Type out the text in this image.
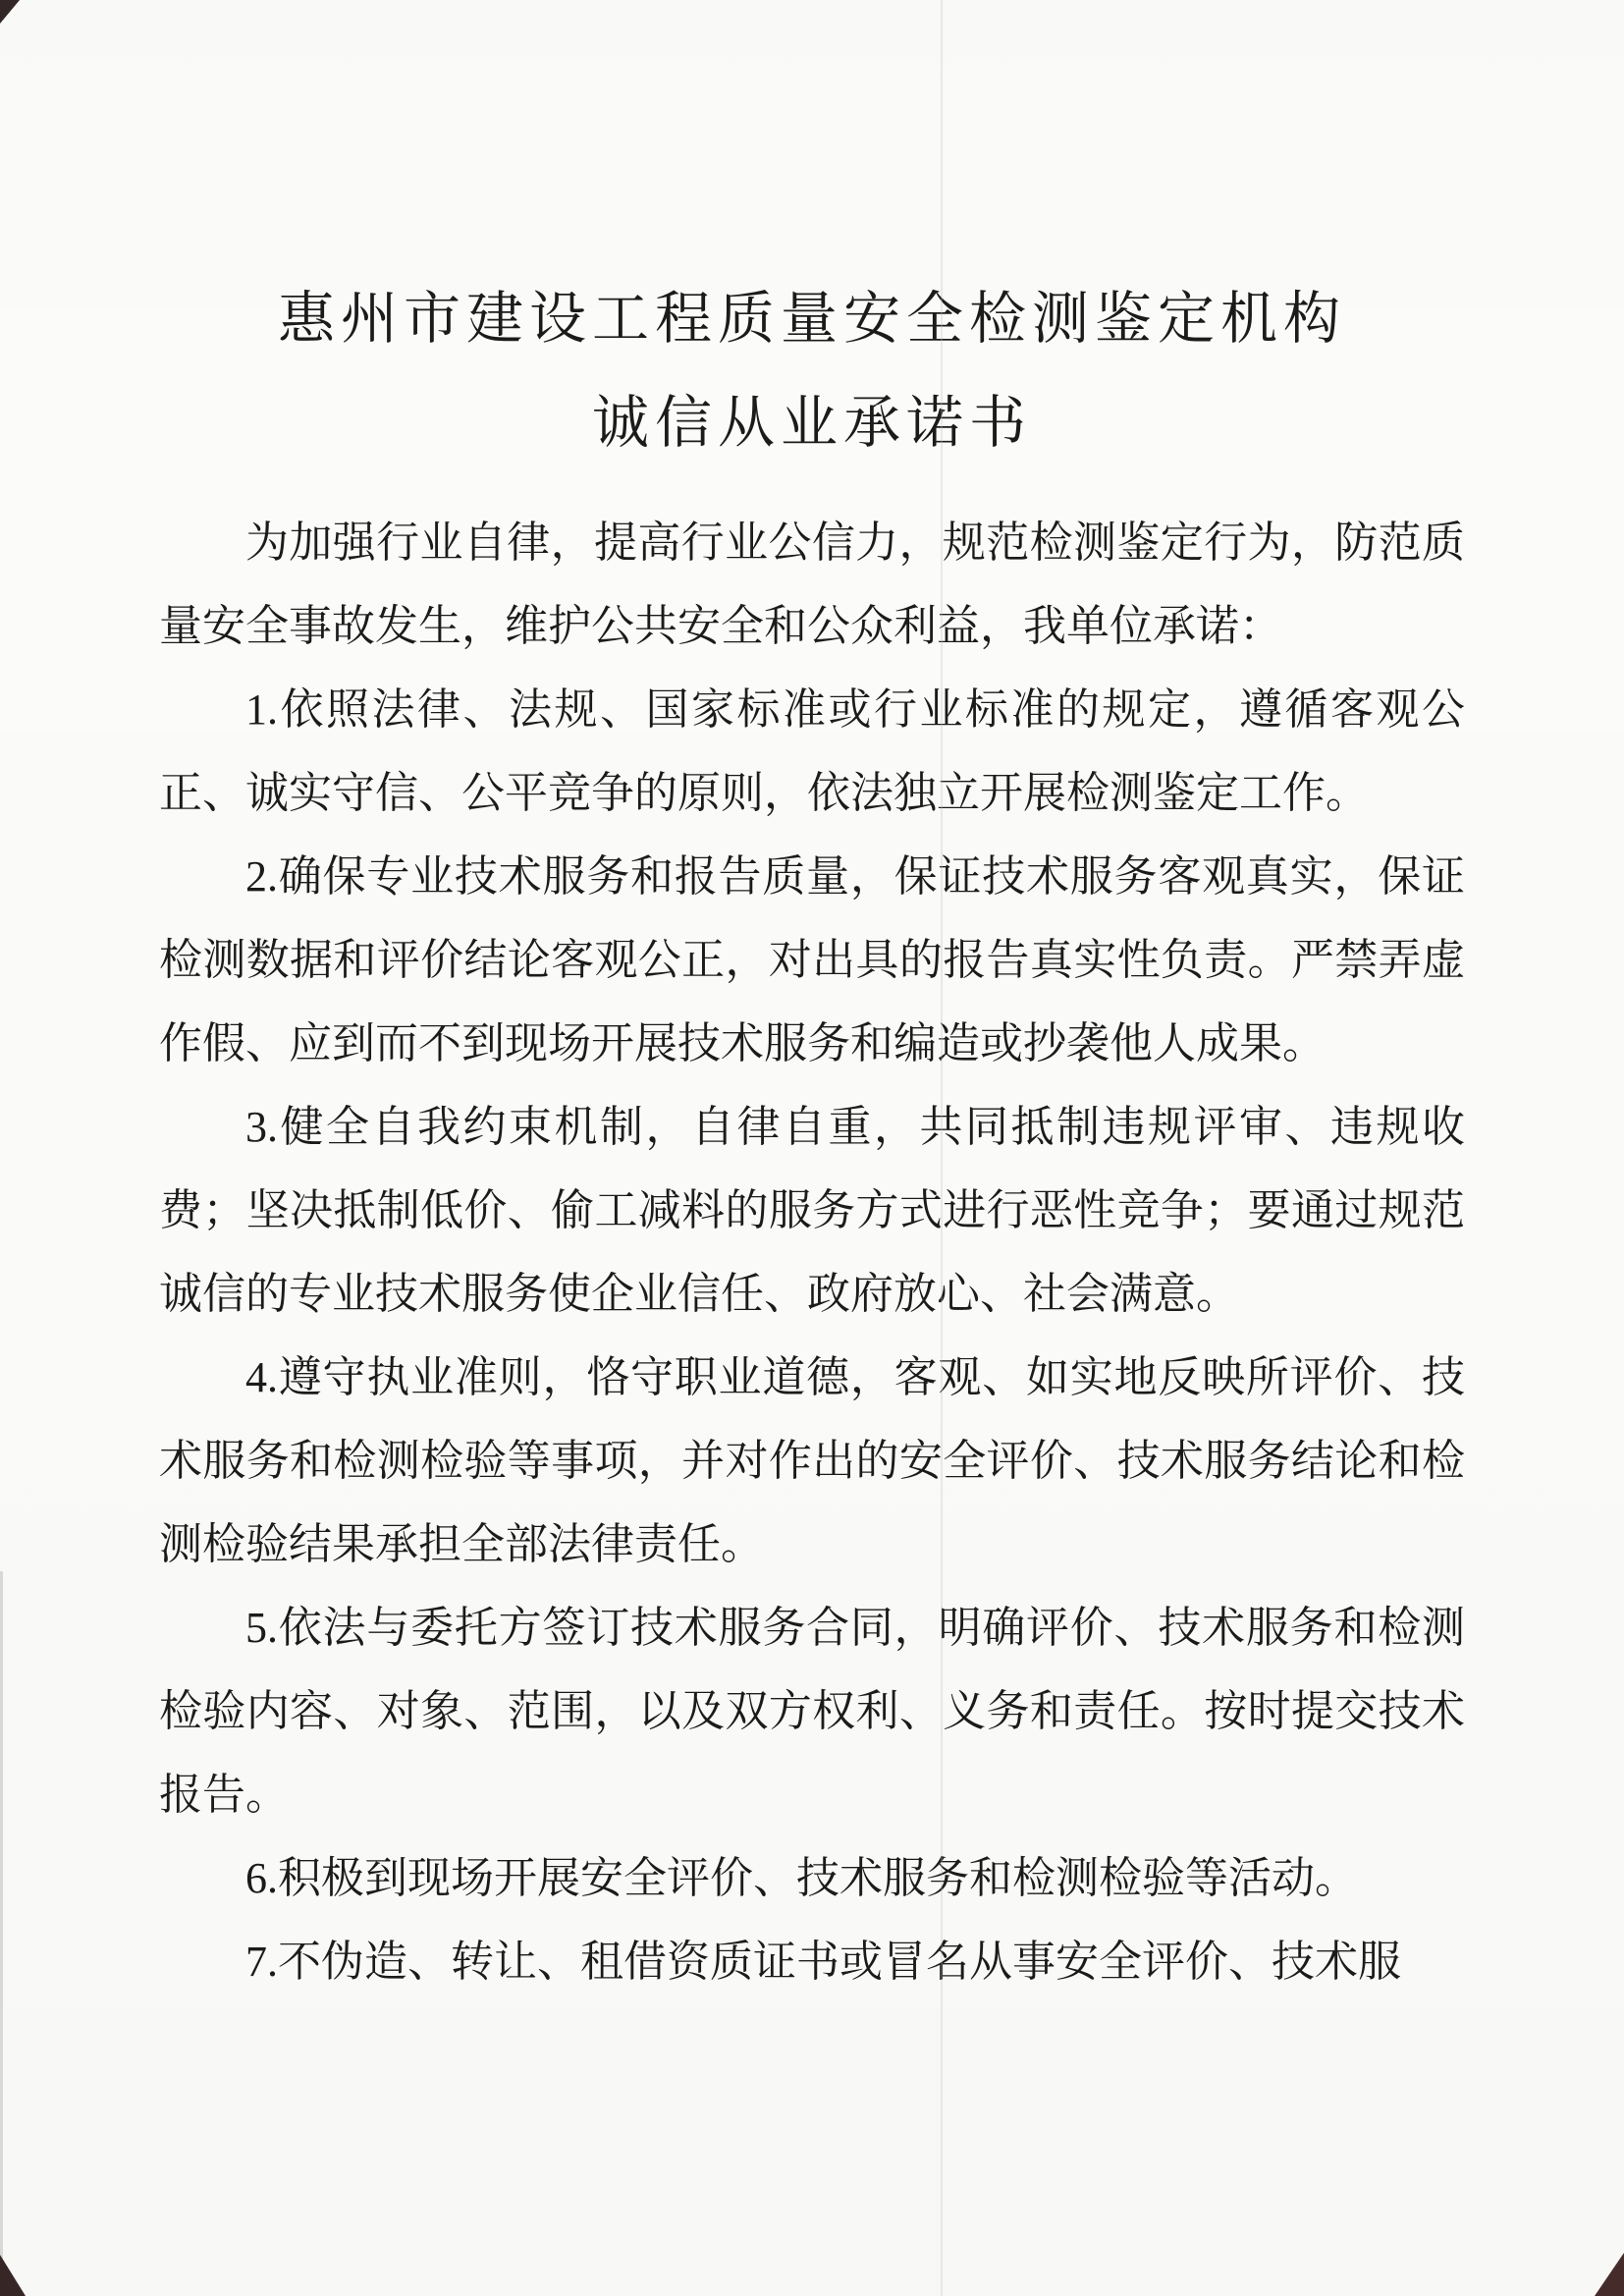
惠州市建设工程质量安全检测鉴定机构
诚信从业承诺书

为加强行业自律，提高行业公信力，规范检测鉴定行为，防范质量安全事故发生，维护公共安全和公众利益，我单位承诺：

1.依照法律、法规、国家标准或行业标准的规定，遵循客观公正、诚实守信、公平竞争的原则，依法独立开展检测鉴定工作。

2.确保专业技术服务和报告质量，保证技术服务客观真实，保证检测数据和评价结论客观公正，对出具的报告真实性负责。严禁弄虚作假、应到而不到现场开展技术服务和编造或抄袭他人成果。

3.健全自我约束机制，自律自重，共同抵制违规评审、违规收费；坚决抵制低价、偷工减料的服务方式进行恶性竞争；要通过规范诚信的专业技术服务使企业信任、政府放心、社会满意。

4.遵守执业准则，恪守职业道德，客观、如实地反映所评价、技术服务和检测检验等事项，并对作出的安全评价、技术服务结论和检测检验结果承担全部法律责任。

5.依法与委托方签订技术服务合同，明确评价、技术服务和检测检验内容、对象、范围，以及双方权利、义务和责任。按时提交技术报告。

6.积极到现场开展安全评价、技术服务和检测检验等活动。

7.不伪造、转让、租借资质证书或冒名从事安全评价、技术服
